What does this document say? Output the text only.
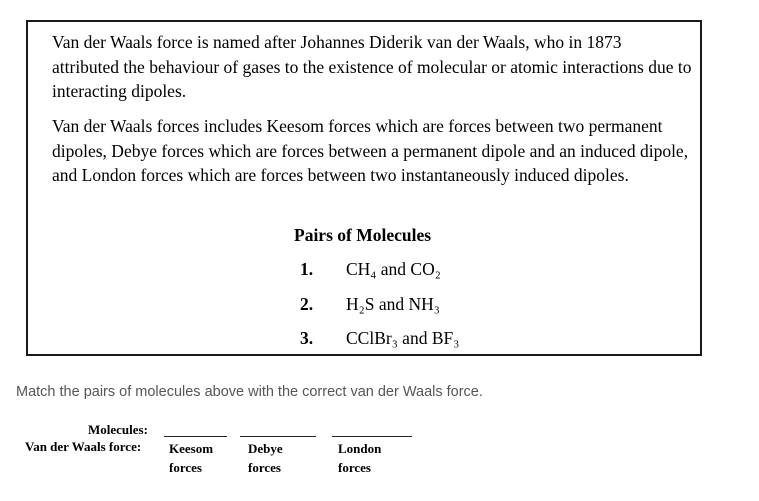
Van der Waals force is named after Johannes Diderik van der Waals, who in 1873 attributed the behaviour of gases to the existence of molecular or atomic interactions due to interacting dipoles.

Van der Waals forces includes Keesom forces which are forces between two permanent dipoles, Debye forces which are forces between a permanent dipole and an induced dipole, and London forces which are forces between two instantaneously induced dipoles.

Pairs of Molecules
1. CH₄ and CO₂
2. H₂S and NH₃
3. CClBr₃ and BF₃
Match the pairs of molecules above with the correct van der Waals force.
Molecules:
Van der Waals force: Keesom forces
Debye forces
London forces
